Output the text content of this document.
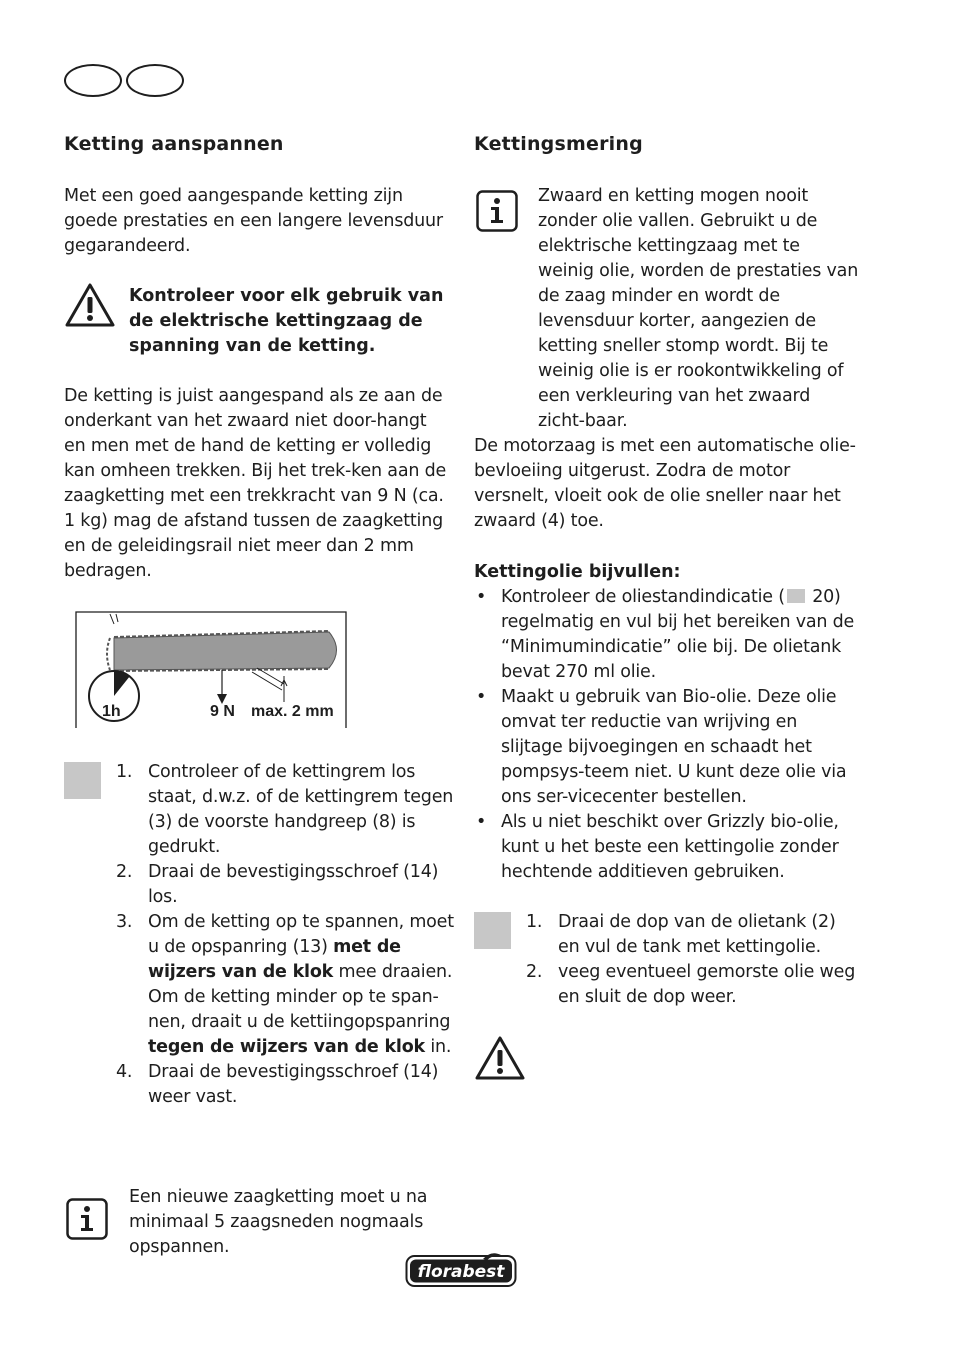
Ketting aanspannen

Met een goed aangespande ketting zijn goede prestaties en een langere levensduur gegarandeerd.

Kontroleer voor elk gebruik van de elektrische kettingzaag de spanning van de ketting.

De ketting is juist aangespand als ze aan de onderkant van het zwaard niet door-hangt en men met de hand de ketting er volledig kan omheen trekken. Bij het trek-ken aan de zaagketting met een trekkracht van 9 N (ca. 1 kg) mag de afstand tussen de zaagketting en de geleidingsrail niet meer dan 2 mm bedragen.

1h	9 N max. 2 mm
1. Controleer of de kettingrem los staat, d.w.z. of de kettingrem tegen (3) de voorste handgreep (8) is gedrukt.
2. Draai de bevestigingsschroef (14) los.
3. Om de ketting op te spannen, moet u de opspanring (13) met de wijzers van de klok mee draaien.
Om de ketting minder op te span-nen, draait u de kettiingopspanring tegen de wijzers van de klok in.
4. Draai de bevestigingsschroef (14) weer vast.

Een nieuwe zaagketting moet u na minimaal 5 zaagsneden nogmaals opspannen.

Kettingsmering

Zwaard en ketting mogen nooit zonder olie vallen. Gebruikt u de elektrische kettingzaag met te weinig olie, worden de prestaties van de zaag minder en wordt de levensduur korter, aangezien de ketting sneller stomp wordt. Bij te weinig olie is er rookontwikkeling of een verkleuring van het zwaard zicht-baar.

De motorzaag is met een automatische olie-bevloeiing uitgerust. Zodra de motor versnelt, vloeit ook de olie sneller naar het zwaard (4) toe.

Kettingolie bijvullen:

• Kontroleer de oliestandindicatie ( 20) regelmatig en vul bij het bereiken van de “Minimumindicatie” olie bij. De olietank bevat 270 ml olie.
• Maakt u gebruik van Bio-olie. Deze olie omvat ter reductie van wrijving en slijtage bijvoegingen en schaadt het pompsys-teem niet. U kunt deze olie via ons ser-vicecenter bestellen.
• Als u niet beschikt over Grizzly bio-olie, kunt u het beste een kettingolie zonder hechtende additieven gebruiken.
1. Draai de dop van de olietank (2) en vul de tank met kettingolie.
2. veeg eventueel gemorste olie weg en sluit de dop weer.
florabest
